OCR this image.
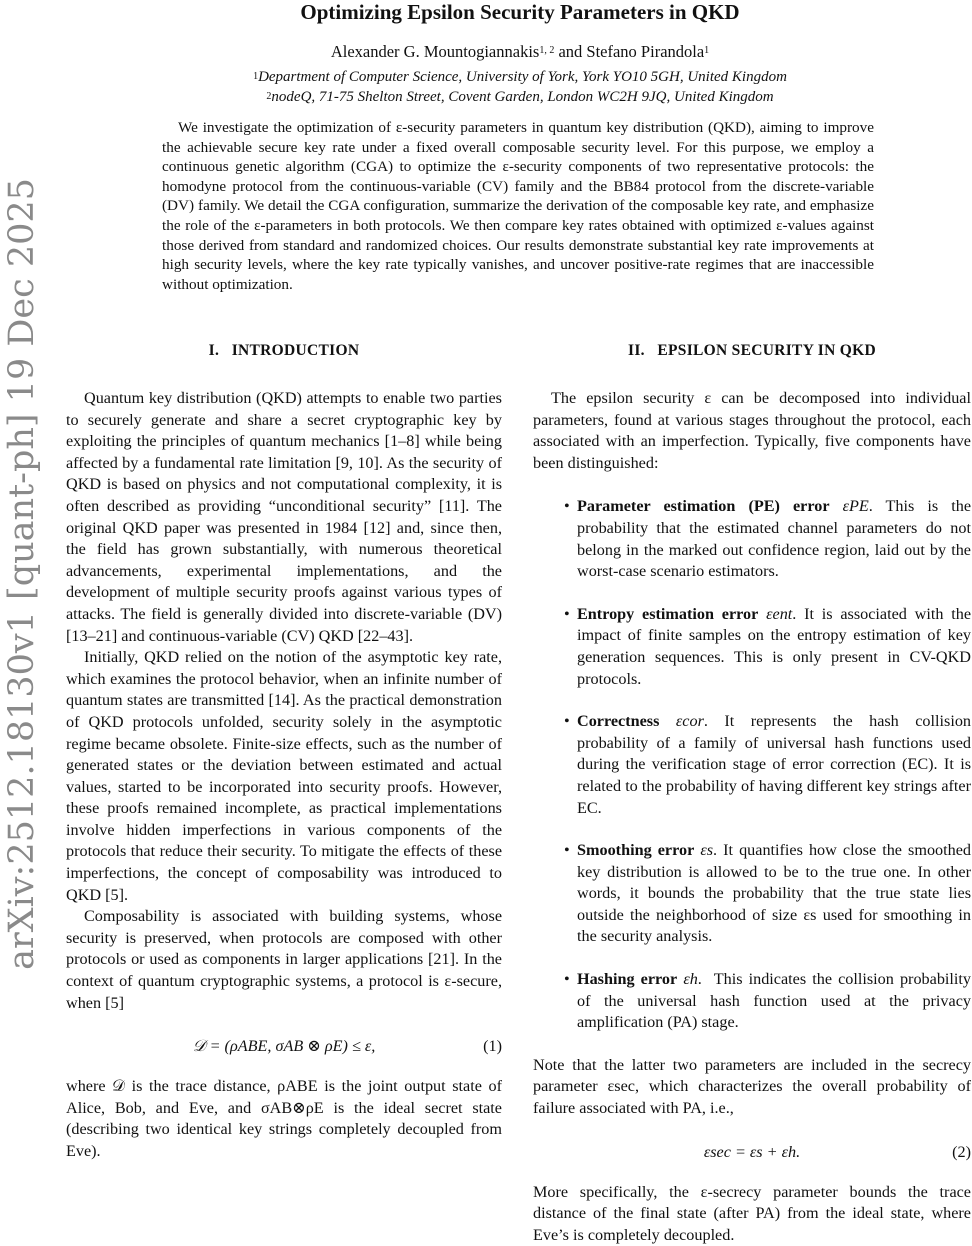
arXiv:2512.18130v1 [quant-ph] 19 Dec 2025
Optimizing Epsilon Security Parameters in QKD
Alexander G. Mountogiannakis$^{1, 2}$ and Stefano Pirandola$^1$
$^1$Department of Computer Science, University of York, York YO10 5GH, United Kingdom
$^2$nodeQ, 71-75 Shelton Street, Covent Garden, London WC2H 9JQ, United Kingdom
We investigate the optimization of ε-security parameters in quantum key distribution (QKD), aiming to improve the achievable secure key rate under a fixed overall composable security level. For this purpose, we employ a continuous genetic algorithm (CGA) to optimize the ε-security components of two representative protocols: the homodyne protocol from the continuous-variable (CV) family and the BB84 protocol from the discrete-variable (DV) family. We detail the CGA configuration, summarize the derivation of the composable key rate, and emphasize the role of the ε-parameters in both protocols. We then compare key rates obtained with optimized ε-values against those derived from standard and randomized choices. Our results demonstrate substantial key rate improvements at high security levels, where the key rate typically vanishes, and uncover positive-rate regimes that are inaccessible without optimization.
I.   INTRODUCTION

Quantum key distribution (QKD) attempts to enable two parties to securely generate and share a secret cryptographic key by exploiting the principles of quantum mechanics [1–8] while being affected by a fundamental rate limitation [9, 10]. As the security of QKD is based on physics and not computational complexity, it is often described as providing “unconditional security” [11]. The original QKD paper was presented in 1984 [12] and, since then, the field has grown substantially, with numerous theoretical advancements, experimental implementations, and the development of multiple security proofs against various types of attacks. The field is generally divided into discrete-variable (DV) [13–21] and continuous-variable (CV) QKD [22–43].

Initially, QKD relied on the notion of the asymptotic key rate, which examines the protocol behavior, when an infinite number of quantum states are transmitted [14]. As the practical demonstration of QKD protocols unfolded, security solely in the asymptotic regime became obsolete. Finite-size effects, such as the number of generated states or the deviation between estimated and actual values, started to be incorporated into security proofs. However, these proofs remained incomplete, as practical implementations involve hidden imperfections in various components of the protocols that reduce their security. To mitigate the effects of these imperfections, the concept of composability was introduced to QKD [5].

Composability is associated with building systems, whose security is preserved, when protocols are composed with other protocols or used as components in larger applications [21]. In the context of quantum cryptographic systems, a protocol is ε-secure, when [5]

𝒟 = (ρABE, σAB ⊗ ρE) ≤ ε,	(1)

where 𝒟 is the trace distance, ρABE is the joint output state of Alice, Bob, and Eve, and σAB⊗ρE is the ideal secret state (describing two identical key strings completely decoupled from Eve).

II.   EPSILON SECURITY IN QKD

The epsilon security ε can be decomposed into individual parameters, found at various stages throughout the protocol, each associated with an imperfection. Typically, five components have been distinguished:

• Parameter estimation (PE) error εPE. This is the probability that the estimated channel parameters do not belong in the marked out confidence region, laid out by the worst-case scenario estimators.
• Entropy estimation error εent. It is associated with the impact of finite samples on the entropy estimation of key generation sequences. This is only present in CV-QKD protocols.
• Correctness εcor. It represents the hash collision probability of a family of universal hash functions used during the verification stage of error correction (EC). It is related to the probability of having different key strings after EC.
• Smoothing error εs. It quantifies how close the smoothed key distribution is allowed to be to the true one. In other words, it bounds the probability that the true state lies outside the neighborhood of size εs used for smoothing in the security analysis.
• Hashing error εh.  This indicates the collision probability of the universal hash function used at the privacy amplification (PA) stage.

Note that the latter two parameters are included in the secrecy parameter εsec, which characterizes the overall probability of failure associated with PA, i.e.,

εsec = εs + εh.	(2)

More specifically, the ε-secrecy parameter bounds the trace distance of the final state (after PA) from the ideal state, where Eve’s is completely decoupled.
